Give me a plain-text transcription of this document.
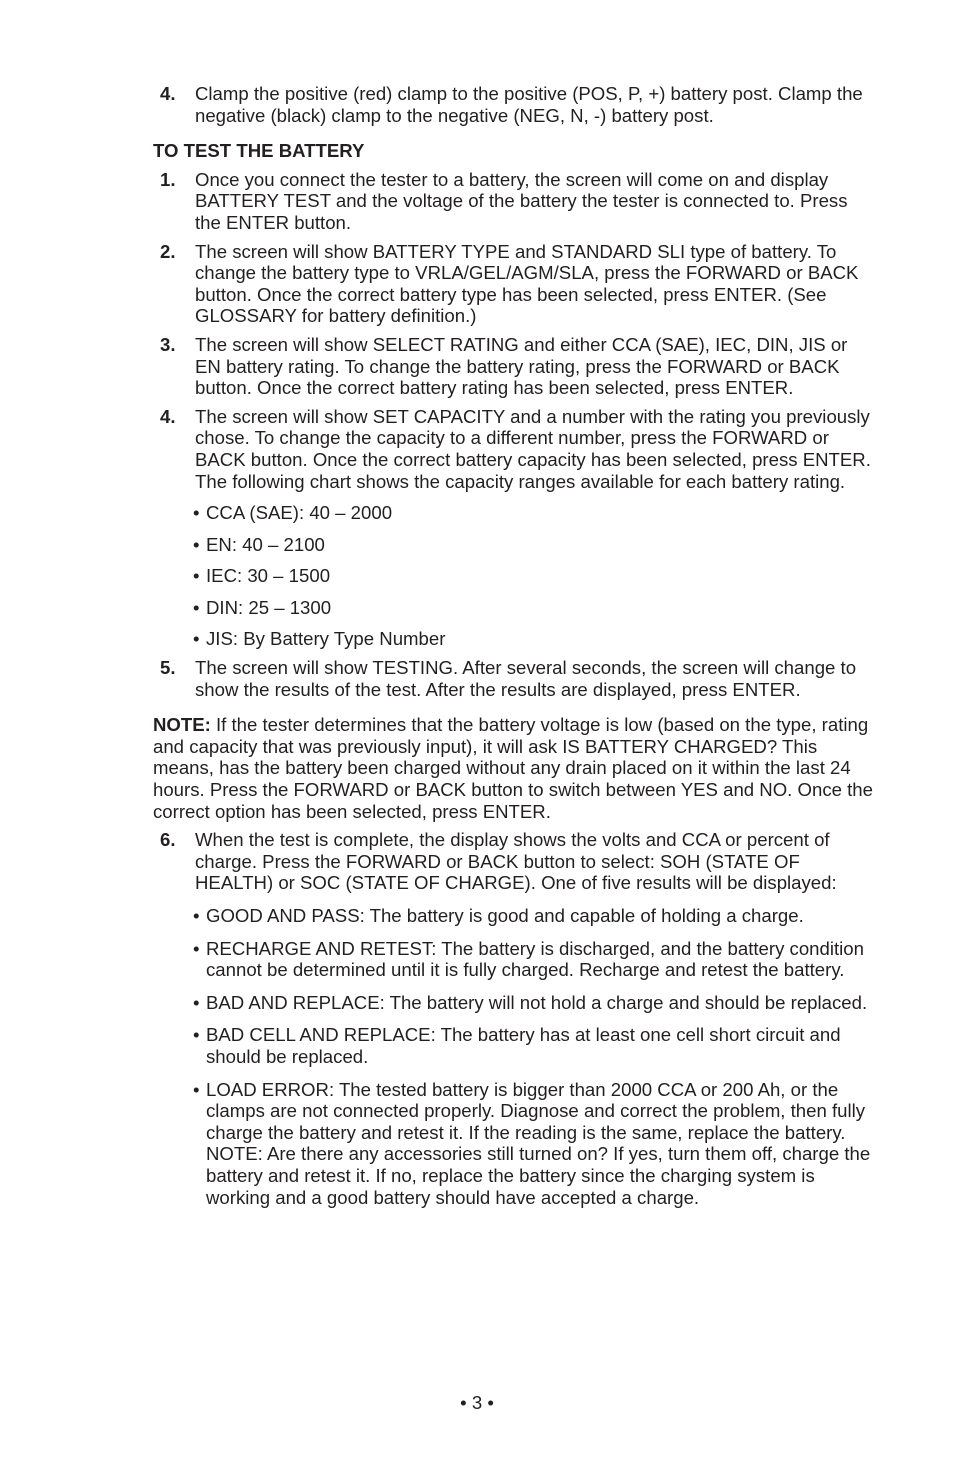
4. Clamp the positive (red) clamp to the positive (POS, P, +) battery post. Clamp the negative (black) clamp to the negative (NEG, N, -) battery post.
TO TEST THE BATTERY
1. Once you connect the tester to a battery, the screen will come on and display BATTERY TEST and the voltage of the battery the tester is connected to. Press the ENTER button.
2. The screen will show BATTERY TYPE and STANDARD SLI type of battery. To change the battery type to VRLA/GEL/AGM/SLA, press the FORWARD or BACK button. Once the correct battery type has been selected, press ENTER. (See GLOSSARY for battery definition.)
3. The screen will show SELECT RATING and either CCA (SAE), IEC, DIN, JIS or EN battery rating. To change the battery rating, press the FORWARD or BACK button. Once the correct battery rating has been selected, press ENTER.
4. The screen will show SET CAPACITY and a number with the rating you previously chose. To change the capacity to a different number, press the FORWARD or BACK button. Once the correct battery capacity has been selected, press ENTER. The following chart shows the capacity ranges available for each battery rating.
• CCA (SAE): 40 – 2000
• EN: 40 – 2100
• IEC: 30 – 1500
• DIN: 25 – 1300
• JIS: By Battery Type Number
5. The screen will show TESTING. After several seconds, the screen will change to show the results of the test. After the results are displayed, press ENTER.
NOTE: If the tester determines that the battery voltage is low (based on the type, rating and capacity that was previously input), it will ask IS BATTERY CHARGED? This means, has the battery been charged without any drain placed on it within the last 24 hours. Press the FORWARD or BACK button to switch between YES and NO. Once the correct option has been selected, press ENTER.
6. When the test is complete, the display shows the volts and CCA or percent of charge. Press the FORWARD or BACK button to select: SOH (STATE OF HEALTH) or SOC (STATE OF CHARGE). One of five results will be displayed:
• GOOD AND PASS: The battery is good and capable of holding a charge.
• RECHARGE AND RETEST: The battery is discharged, and the battery condition cannot be determined until it is fully charged. Recharge and retest the battery.
• BAD AND REPLACE: The battery will not hold a charge and should be replaced.
• BAD CELL AND REPLACE: The battery has at least one cell short circuit and should be replaced.
• LOAD ERROR: The tested battery is bigger than 2000 CCA or 200 Ah, or the clamps are not connected properly. Diagnose and correct the problem, then fully charge the battery and retest it. If the reading is the same, replace the battery. NOTE: Are there any accessories still turned on? If yes, turn them off, charge the battery and retest it. If no, replace the battery since the charging system is working and a good battery should have accepted a charge.
• 3 •
